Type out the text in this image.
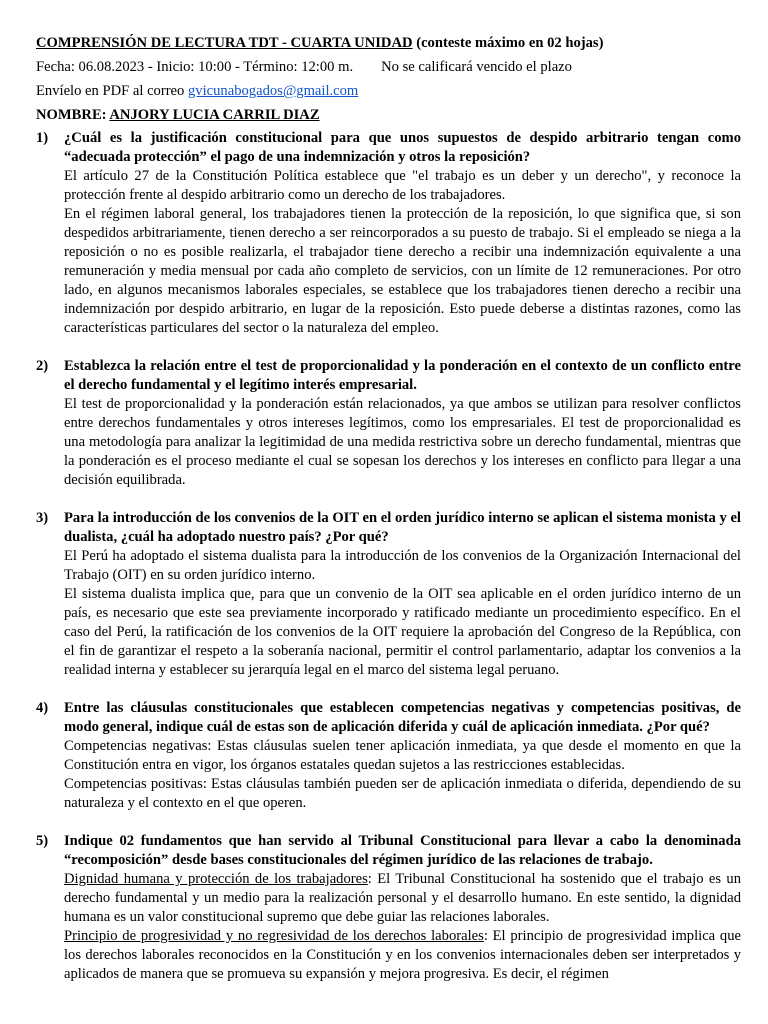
COMPRENSIÓN DE LECTURA TDT - CUARTA UNIDAD (conteste máximo en 02 hojas)
Fecha: 06.08.2023 - Inicio: 10:00 - Término: 12:00 m. No se calificará vencido el plazo
Envíelo en PDF al correo gvicunabogados@gmail.com
NOMBRE: ANJORY LUCIA CARRIL DIAZ
1)	¿Cuál es la justificación constitucional para que unos supuestos de despido arbitrario tengan como “adecuada protección” el pago de una indemnización y otros la reposición?
El artículo 27 de la Constitución Política establece que "el trabajo es un deber y un derecho", y reconoce la protección frente al despido arbitrario como un derecho de los trabajadores.
En el régimen laboral general, los trabajadores tienen la protección de la reposición, lo que significa que, si son despedidos arbitrariamente, tienen derecho a ser reincorporados a su puesto de trabajo. Si el empleado se niega a la reposición o no es posible realizarla, el trabajador tiene derecho a recibir una indemnización equivalente a una remuneración y media mensual por cada año completo de servicios, con un límite de 12 remuneraciones. Por otro lado, en algunos mecanismos laborales especiales, se establece que los trabajadores tienen derecho a recibir una indemnización por despido arbitrario, en lugar de la reposición. Esto puede deberse a distintas razones, como las características particulares del sector o la naturaleza del empleo.
2)	Establezca la relación entre el test de proporcionalidad y la ponderación en el contexto de un conflicto entre el derecho fundamental y el legítimo interés empresarial.
El test de proporcionalidad y la ponderación están relacionados, ya que ambos se utilizan para resolver conflictos entre derechos fundamentales y otros intereses legítimos, como los empresariales. El test de proporcionalidad es una metodología para analizar la legitimidad de una medida restrictiva sobre un derecho fundamental, mientras que la ponderación es el proceso mediante el cual se sopesan los derechos y los intereses en conflicto para llegar a una decisión equilibrada.
3)	Para la introducción de los convenios de la OIT en el orden jurídico interno se aplican el sistema monista y el dualista, ¿cuál ha adoptado nuestro país? ¿Por qué?
El Perú ha adoptado el sistema dualista para la introducción de los convenios de la Organización Internacional del Trabajo (OIT) en su orden jurídico interno.
El sistema dualista implica que, para que un convenio de la OIT sea aplicable en el orden jurídico interno de un país, es necesario que este sea previamente incorporado y ratificado mediante un procedimiento específico. En el caso del Perú, la ratificación de los convenios de la OIT requiere la aprobación del Congreso de la República, con el fin de garantizar el respeto a la soberanía nacional, permitir el control parlamentario, adaptar los convenios a la realidad interna y establecer su jerarquía legal en el marco del sistema legal peruano.
4)	Entre las cláusulas constitucionales que establecen competencias negativas y competencias positivas, de modo general, indique cuál de estas son de aplicación diferida y cuál de aplicación inmediata. ¿Por qué?
Competencias negativas: Estas cláusulas suelen tener aplicación inmediata, ya que desde el momento en que la Constitución entra en vigor, los órganos estatales quedan sujetos a las restricciones establecidas.
Competencias positivas: Estas cláusulas también pueden ser de aplicación inmediata o diferida, dependiendo de su naturaleza y el contexto en el que operen.
5)	Indique 02 fundamentos que han servido al Tribunal Constitucional para llevar a cabo la denominada “recomposición” desde bases constitucionales del régimen jurídico de las relaciones de trabajo.
Dignidad humana y protección de los trabajadores: El Tribunal Constitucional ha sostenido que el trabajo es un derecho fundamental y un medio para la realización personal y el desarrollo humano. En este sentido, la dignidad humana es un valor constitucional supremo que debe guiar las relaciones laborales.
Principio de progresividad y no regresividad de los derechos laborales: El principio de progresividad implica que los derechos laborales reconocidos en la Constitución y en los convenios internacionales deben ser interpretados y aplicados de manera que se promueva su expansión y mejora progresiva. Es decir, el régimen
